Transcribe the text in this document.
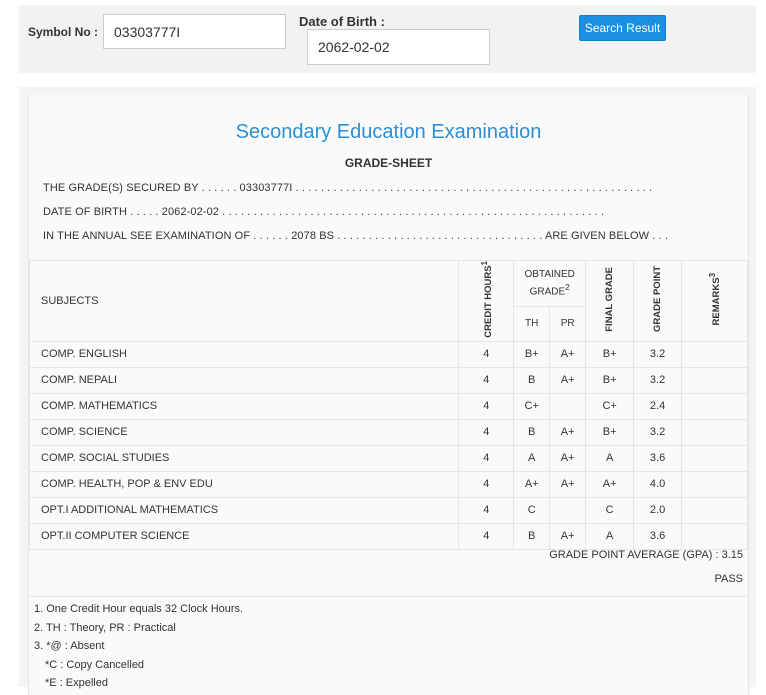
Symbol No :
03303777I
Date of Birth :
2062-02-02	Search Result
Secondary Education Examination
GRADE-SHEET
THE GRADE(S) SECURED BY . . . . . . 03303777I . . . . . . . . . . . . . . . . . . . . . . . . . . . . . . . . . . . . . . . . . . . . . . . . . . . . . . . . .
DATE OF BIRTH . . . . . 2062-02-02 . . . . . . . . . . . . . . . . . . . . . . . . . . . . . . . . . . . . . . . . . . . . . . . . . . . . . . . . . . . . .
IN THE ANNUAL SEE EXAMINATION OF . . . . . . 2078 BS . . . . . . . . . . . . . . . . . . . . . . . . . . . . . . . . . ARE GIVEN BELOW . . .
SUBJECTS	CREDIT HOURS$^1$	OBTAINED GRADE$^2$		FINAL GRADE	GRADE POINT	REMARKS$^3$
		TH	PR			
COMP. ENGLISH	4	B+	A+	B+	3.2	
COMP. NEPALI	4	B	A+	B+	3.2	
COMP. MATHEMATICS	4	C+		C+	2.4	
COMP. SCIENCE	4	B	A+	B+	3.2	
COMP. SOCIAL STUDIES	4	A	A+	A	3.6	
COMP. HEALTH, POP & ENV EDU	4	A+	A+	A+	4.0	
OPT.I ADDITIONAL MATHEMATICS	4	C		C	2.0	
OPT.II COMPUTER SCIENCE	4	B	A+	A	3.6	
GRADE POINT AVERAGE (GPA) : 3.15
PASS
1. One Credit Hour equals 32 Clock Hours.
2. TH : Theory, PR : Practical
3. *@ : Absent
*C : Copy Cancelled
*E : Expelled
